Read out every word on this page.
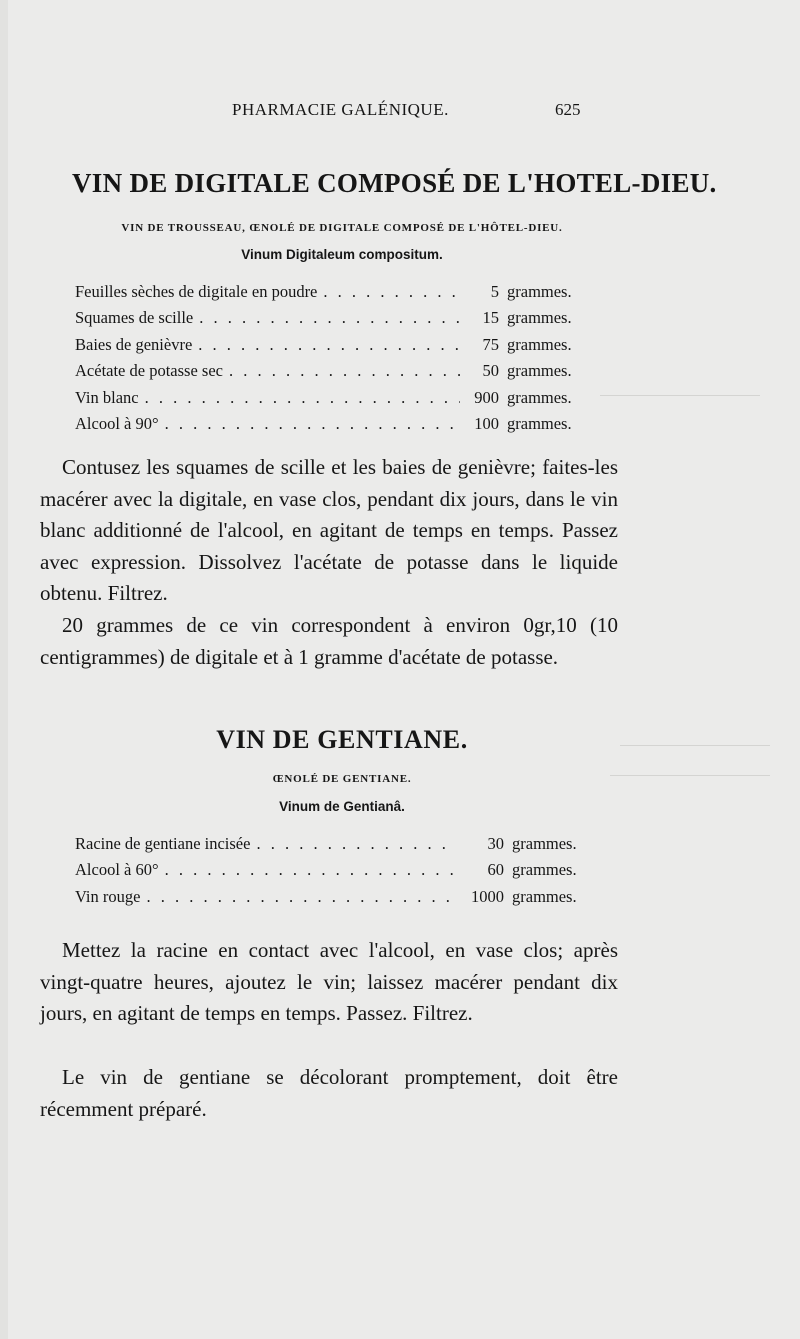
PHARMACIE GALÉNIQUE.	625
VIN DE DIGITALE COMPOSÉ DE L'HOTEL-DIEU.
VIN DE TROUSSEAU, ŒNOLÉ DE DIGITALE COMPOSÉ DE L'HÔTEL-DIEU.
Vinum Digitaleum compositum.
Feuilles sèches de digitale en poudre . . .	5 grammes.
Squames de scille . . .	15 grammes.
Baies de genièvre . . .	75 grammes.
Acétate de potasse sec . . .	50 grammes.
Vin blanc . . .	900 grammes.
Alcool à 90° . . .	100 grammes.

Contusez les squames de scille et les baies de genièvre; faites-les macérer avec la digitale, en vase clos, pendant dix jours, dans le vin blanc additionné de l'alcool, en agitant de temps en temps. Passez avec expression. Dissolvez l'acétate de potasse dans le liquide obtenu. Filtrez.

20 grammes de ce vin correspondent à environ 0gr,10 (10 centigrammes) de digitale et à 1 gramme d'acétate de potasse.

VIN DE GENTIANE.
ŒNOLÉ DE GENTIANE.
Vinum de Gentianâ.
Racine de gentiane incisée . . .	30 grammes.
Alcool à 60° . . .	60 grammes.
Vin rouge . . .	1000 grammes.

Mettez la racine en contact avec l'alcool, en vase clos; après vingt-quatre heures, ajoutez le vin; laissez macérer pendant dix jours, en agitant de temps en temps. Passez. Filtrez.

Le vin de gentiane se décolorant promptement, doit être récemment préparé.
